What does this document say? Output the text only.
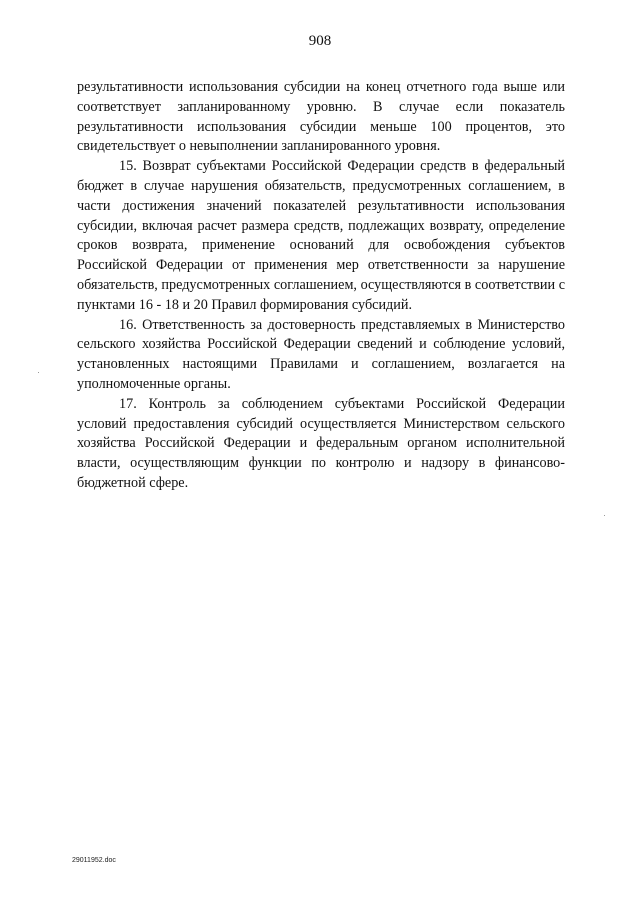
908

результативности использования субсидии на конец отчетного года выше или соответствует запланированному уровню. В случае если показатель результативности использования субсидии меньше 100 процентов, это свидетельствует о невыполнении запланированного уровня.

15. Возврат субъектами Российской Федерации средств в федеральный бюджет в случае нарушения обязательств, предусмотренных соглашением, в части достижения значений показателей результативности использования субсидии, включая расчет размера средств, подлежащих возврату, определение сроков возврата, применение оснований для освобождения субъектов Российской Федерации от применения мер ответственности за нарушение обязательств, предусмотренных соглашением, осуществляются в соответствии с пунктами 16 - 18 и 20 Правил формирования субсидий.

16. Ответственность за достоверность представляемых в Министерство сельского хозяйства Российской Федерации сведений и соблюдение условий, установленных настоящими Правилами и соглашением, возлагается на уполномоченные органы.

17. Контроль за соблюдением субъектами Российской Федерации условий предоставления субсидий осуществляется Министерством сельского хозяйства Российской Федерации и федеральным органом исполнительной власти, осуществляющим функции по контролю и надзору в финансово-бюджетной сфере.

29011952.doc
